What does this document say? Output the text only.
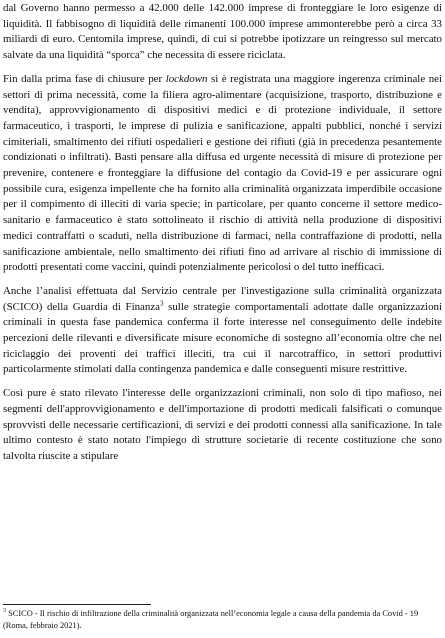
dal Governo hanno permesso a 42.000 delle 142.000 imprese di fronteggiare le loro esigenze di liquidità. Il fabbisogno di liquidità delle rimanenti 100.000 imprese ammonterebbe però a circa 33 miliardi di euro. Centomila imprese, quindi, di cui si potrebbe ipotizzare un reingresso sul mercato salvate da una liquidità “sporca” che necessita di essere riciclata.

Fin dalla prima fase di chiusure per lockdown si è registrata una maggiore ingerenza criminale nei settori di prima necessità, come la filiera agro-alimentare (acquisizione, trasporto, distribuzione e vendita), approvvigionamento di dispositivi medici e di protezione individuale, il settore farmaceutico, i trasporti, le imprese di pulizia e sanificazione, appalti pubblici, nonché i servizi cimiteriali, smaltimento dei rifiuti ospedalieri e gestione dei rifiuti (già in precedenza pesantemente condizionati o infiltrati). Basti pensare alla diffusa ed urgente necessità di misure di protezione per prevenire, contenere e fronteggiare la diffusione del contagio da Covid-19 e per assicurare ogni possibile cura, esigenza impellente che ha fornito alla criminalità organizzata imperdibile occasione per il compimento di illeciti di varia specie; in particolare, per quanto concerne il settore medico-sanitario e farmaceutico è stato sottolineato il rischio di attività nella produzione di dispositivi medici contraffatti o scaduti, nella distribuzione di farmaci, nella contraffazione di prodotti, nella sanificazione ambientale, nello smaltimento dei rifiuti fino ad arrivare al rischio di immissione di prodotti presentati come vaccini, quindi potenzialmente pericolosi o del tutto inefficaci.

Anche l’analisi effettuata dal Servizio centrale per l'investigazione sulla criminalità organizzata (SCICO) della Guardia di Finanza$^3$ sulle strategie comportamentali adottate dalle organizzazioni criminali in questa fase pandemica conferma il forte interesse nel conseguimento delle indebite percezioni delle rilevanti e diversificate misure economiche di sostegno all’economia oltre che nel riciclaggio dei proventi dei traffici illeciti, tra cui il narcotraffico, in settori produttivi particolarmente stimolati dalla contingenza pandemica e dalle conseguenti misure restrittive.

Così pure è stato rilevato l'interesse delle organizzazioni criminali, non solo di tipo mafioso, nei segmenti dell'approvvigionamento e dell'importazione di prodotti medicali falsificati o comunque sprovvisti delle necessarie certificazioni, di servizi e dei prodotti connessi alla sanificazione. In tale ultimo contesto è stato notato l'impiego di strutture societarie di recente costituzione che sono talvolta riuscite a stipulare

$^3$ SCICO - Il rischio di infiltrazione della criminalità organizzata nell’economia legale a causa della pandemia da Covid - 19 (Roma, febbraio 2021).
